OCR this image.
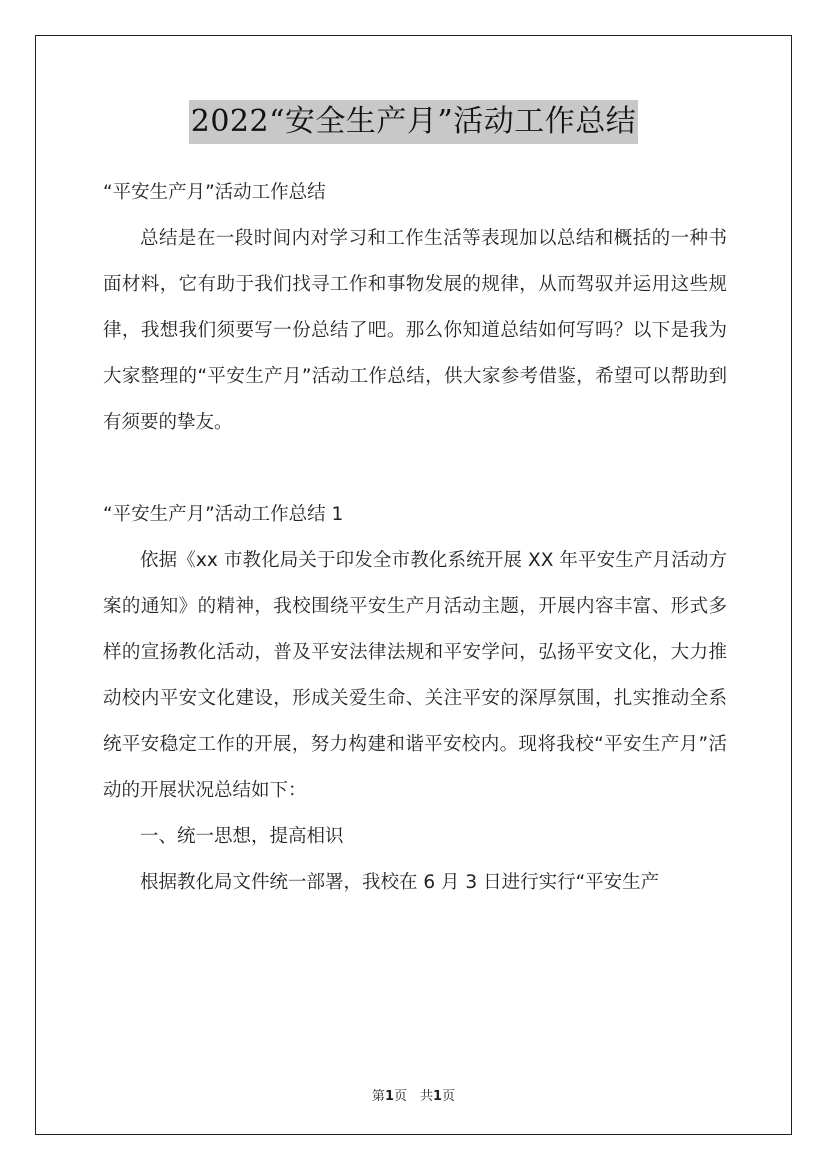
2022“安全生产月”活动工作总结

“平安生产月”活动工作总结

总结是在一段时间内对学习和工作生活等表现加以总结和概括的一种书面材料，它有助于我们找寻工作和事物发展的规律，从而驾驭并运用这些规律，我想我们须要写一份总结了吧。那么你知道总结如何写吗？以下是我为大家整理的“平安生产月”活动工作总结，供大家参考借鉴，希望可以帮助到有须要的挚友。

“平安生产月”活动工作总结 1

依据《xx 市教化局关于印发全市教化系统开展 XX 年平安生产月活动方案的通知》的精神，我校围绕平安生产月活动主题，开展内容丰富、形式多样的宣扬教化活动，普及平安法律法规和平安学问，弘扬平安文化，大力推动校内平安文化建设，形成关爱生命、关注平安的深厚氛围，扎实推动全系统平安稳定工作的开展，努力构建和谐平安校内。现将我校“平安生产月”活动的开展状况总结如下：

一、统一思想，提高相识

根据教化局文件统一部署，我校在 6 月 3 日进行实行“平安生产

第1页　共1页
